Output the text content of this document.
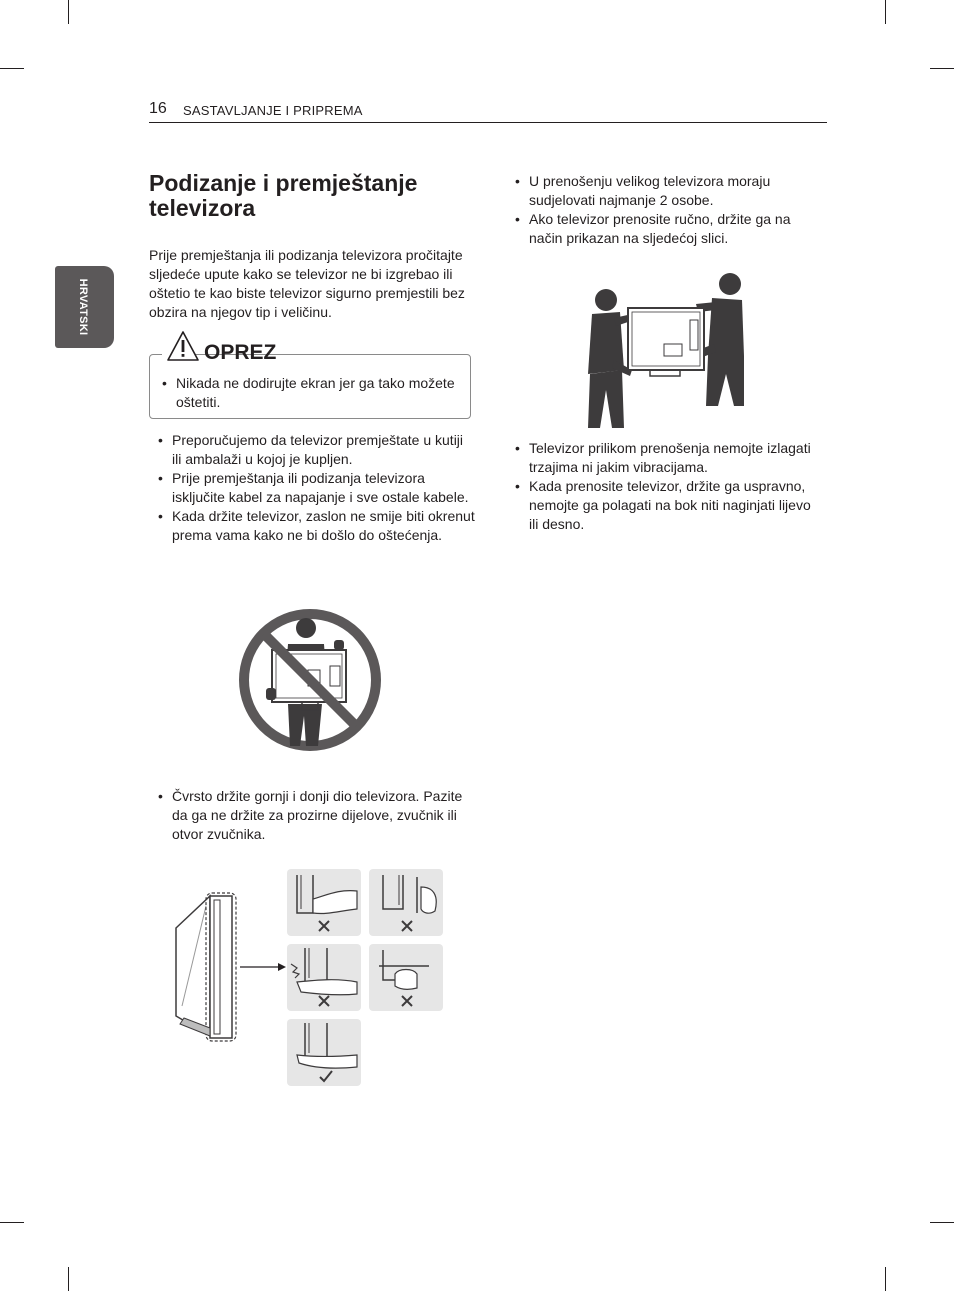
16 SASTAVLJANJE I PRIPREMA
HRVATSKI
Podizanje i premještanje televizora

Prije premještanja ili podizanja televizora pročitajte sljedeće upute kako se televizor ne bi izgrebao ili oštetio te kao biste televizor sigurno premjestili bez obzira na njegov tip i veličinu.

OPREZ
• Nikada ne dodirujte ekran jer ga tako možete oštetiti.
• Preporučujemo da televizor premještate u kutiji ili ambalaži u kojoj je kupljen.
• Prije premještanja ili podizanja televizora isključite kabel za napajanje i sve ostale kabele.
• Kada držite televizor, zaslon ne smije biti okrenut prema vama kako ne bi došlo do oštećenja.
• Čvrsto držite gornji i donji dio televizora. Pazite da ga ne držite za prozirne dijelove, zvučnik ili otvor zvučnika.
• U prenošenju velikog televizora moraju sudjelovati najmanje 2 osobe.
• Ako televizor prenosite ručno, držite ga na način prikazan na sljedećoj slici.
• Televizor prilikom prenošenja nemojte izlagati trzajima ni jakim vibracijama.
• Kada prenosite televizor, držite ga uspravno, nemojte ga polagati na bok niti naginjati lijevo ili desno.
